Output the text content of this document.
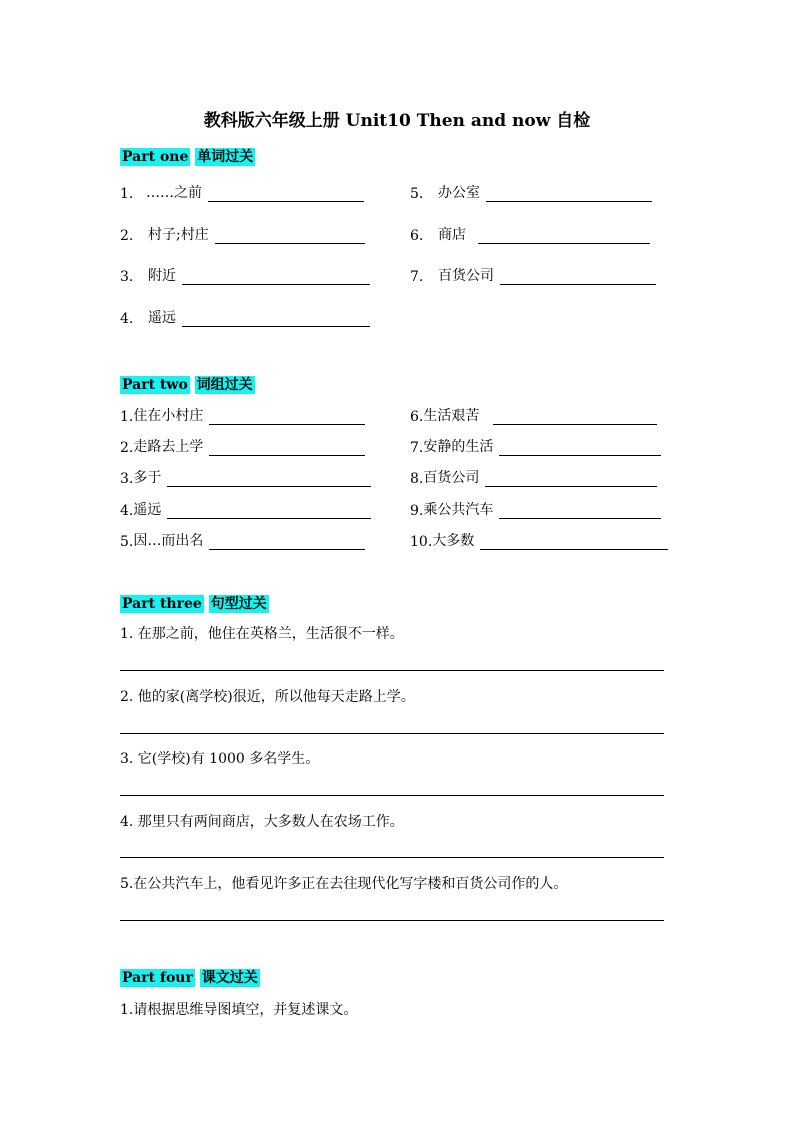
教科版六年级上册 Unit10 Then and now 自检
Part one 单词过关
1. ……之前
2.	村子;村庄
3.	附近
4.	遥远
5.	办公室
6.	商店
7.	百货公司
Part two 词组过关
1. 住在小村庄
2. 走路去上学
3. 多于
4. 遥远
5. 因…而出名
6. 生活艰苦
7. 安静的生活
8. 百货公司
9. 乘公共汽车
10. 大多数
Part three 句型过关
1. 在那之前，他住在英格兰，生活很不一样。
2. 他的家(离学校)很近，所以他每天走路上学。
3. 它(学校)有 1000 多名学生。
4. 那里只有两间商店，大多数人在农场工作。
5.在公共汽车上，他看见许多正在去往现代化写字楼和百货公司作的人。
Part four 课文过关
1.请根据思维导图填空，并复述课文。
